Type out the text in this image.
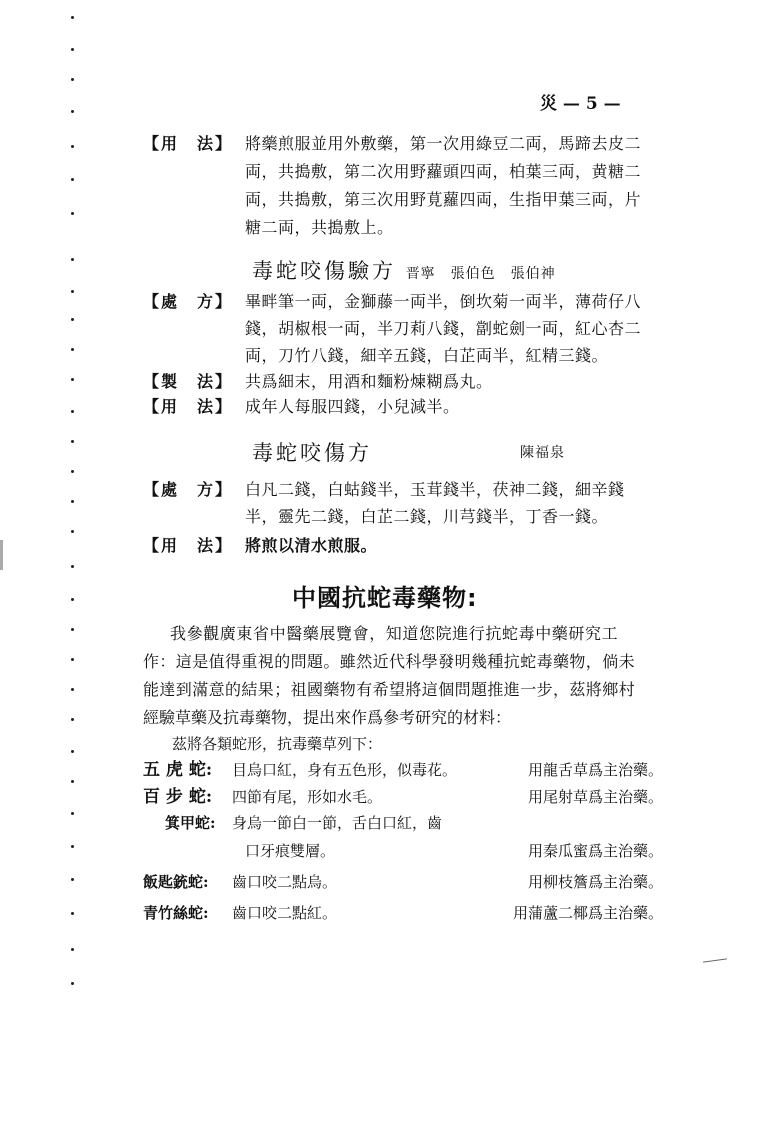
災 — 5 —
【用　法】 將藥煎服並用外敷藥，第一次用綠豆二両，馬蹄去皮二
両，共搗敷，第二次用野蘿頭四両，柏葉三両，黄糖二
両，共搗敷，第三次用野莧蘿四両，生指甲葉三両，片
糖二両，共搗敷上。
毒蛇咬傷驗方 晋寧　張伯色　張伯神
【處　方】 畢畔筆一両，金獅藤一両半，倒坎菊一両半，薄荷仔八
錢，胡椒根一両，半刀莉八錢，劏蛇劍一両，紅心杏二
両，刀竹八錢，細辛五錢，白芷両半，紅精三錢。
【製　法】 共爲細末，用酒和麵粉煉糊爲丸。
【用　法】 成年人每服四錢，小兒減半。
毒蛇咬傷方	陳福泉
【處　方】 白凡二錢，白蛄錢半，玉茸錢半，茯神二錢，細辛錢
半，靈先二錢，白芷二錢，川芎錢半，丁香一錢。
【用　法】 將煎以清水煎服。
中國抗蛇毒藥物:
我參觀廣東省中醫藥展覽會，知道您院進行抗蛇毒中藥研究工
作：這是值得重視的問題。雖然近代科學發明幾種抗蛇毒藥物，倘未
能達到滿意的結果；祖國藥物有希望將這個問題推進一步，茲將鄉村
經驗草藥及抗毒藥物，提出來作爲參考研究的材料：
茲將各類蛇形，抗毒藥草列下：
五 虎 蛇: 目烏口紅，身有五色形，似毒花。	用龍舌草爲主治藥。
百 步 蛇: 四節有尾，形如水毛。	用尾射草爲主治藥。
箕甲蛇: 身烏一節白一節，舌白口紅，齒
口牙痕雙層。	用秦瓜蜜爲主治藥。
飯匙銃蛇: 齒口咬二點烏。	用柳枝簷爲主治藥。
青竹絲蛇: 齒口咬二點紅。	用蒲蘆二椰爲主治藥。
